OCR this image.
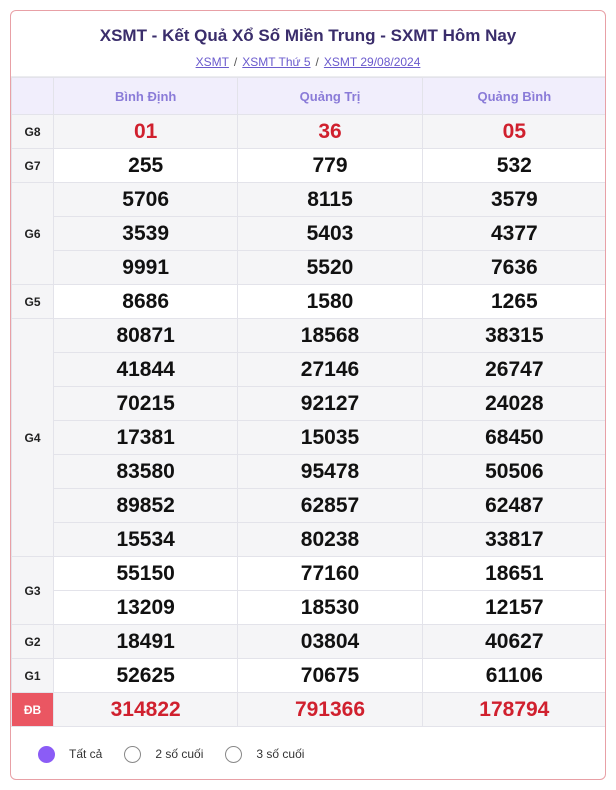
XSMT - Kết Quả Xổ Số Miền Trung - SXMT Hôm Nay
XSMT / XSMT Thứ 5 / XSMT 29/08/2024
	Bình Định	Quảng Trị	Quảng Bình
G8	01	36	05
G7	255	779	532
G6	5706	8115	3579
	3539	5403	4377
	9991	5520	7636
G5	8686	1580	1265
G4	80871	18568	38315
	41844	27146	26747
	70215	92127	24028
	17381	15035	68450
	83580	95478	50506
	89852	62857	62487
	15534	80238	33817
G3	55150	77160	18651
	13209	18530	12157
G2	18491	03804	40627
G1	52625	70675	61106
ĐB	314822	791366	178794
Tất cả	2 số cuối	3 số cuối
